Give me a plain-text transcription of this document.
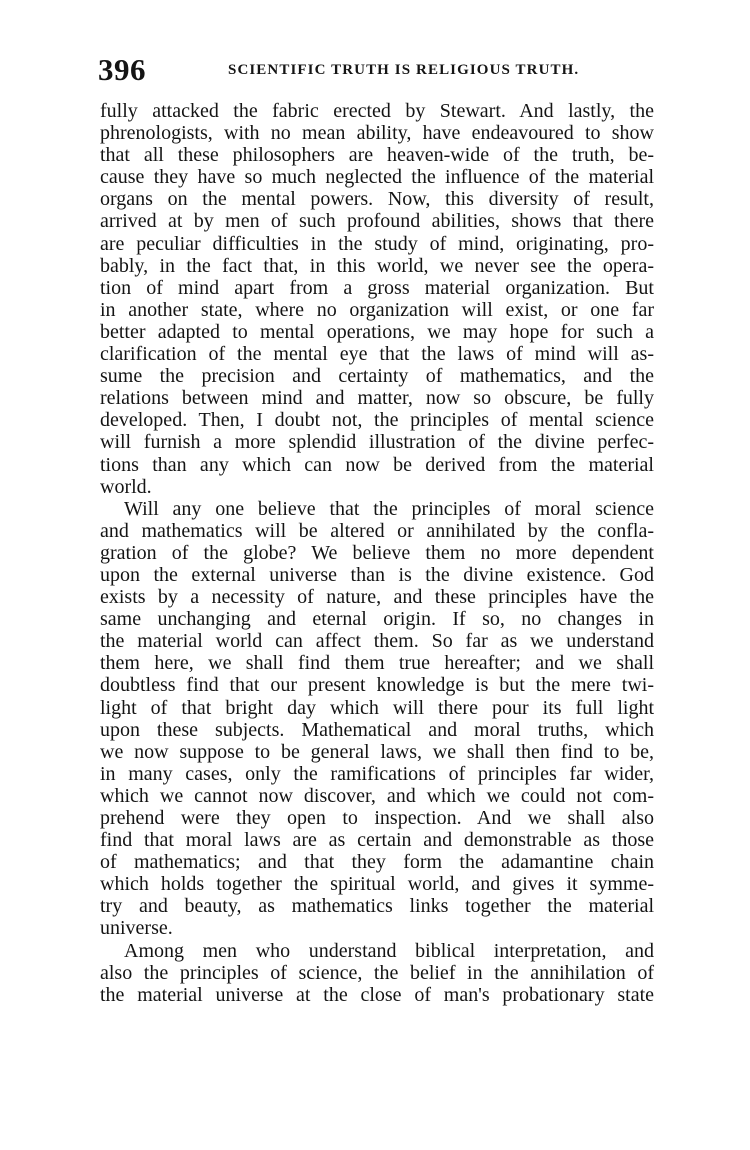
396	SCIENTIFIC TRUTH IS RELIGIOUS TRUTH.
fully attacked the fabric erected by Stewart. And lastly, the
phrenologists, with no mean ability, have endeavoured to show
that all these philosophers are heaven-wide of the truth, be-
cause they have so much neglected the influence of the material
organs on the mental powers. Now, this diversity of result,
arrived at by men of such profound abilities, shows that there
are peculiar difficulties in the study of mind, originating, pro-
bably, in the fact that, in this world, we never see the opera-
tion of mind apart from a gross material organization. But
in another state, where no organization will exist, or one far
better adapted to mental operations, we may hope for such a
clarification of the mental eye that the laws of mind will as-
sume the precision and certainty of mathematics, and the
relations between mind and matter, now so obscure, be fully
developed. Then, I doubt not, the principles of mental science
will furnish a more splendid illustration of the divine perfec-
tions than any which can now be derived from the material
world.
Will any one believe that the principles of moral science
and mathematics will be altered or annihilated by the confla-
gration of the globe? We believe them no more dependent
upon the external universe than is the divine existence. God
exists by a necessity of nature, and these principles have the
same unchanging and eternal origin. If so, no changes in
the material world can affect them. So far as we understand
them here, we shall find them true hereafter; and we shall
doubtless find that our present knowledge is but the mere twi-
light of that bright day which will there pour its full light
upon these subjects. Mathematical and moral truths, which
we now suppose to be general laws, we shall then find to be,
in many cases, only the ramifications of principles far wider,
which we cannot now discover, and which we could not com-
prehend were they open to inspection. And we shall also
find that moral laws are as certain and demonstrable as those
of mathematics; and that they form the adamantine chain
which holds together the spiritual world, and gives it symme-
try and beauty, as mathematics links together the material
universe.
Among men who understand biblical interpretation, and
also the principles of science, the belief in the annihilation of
the material universe at the close of man's probationary state
